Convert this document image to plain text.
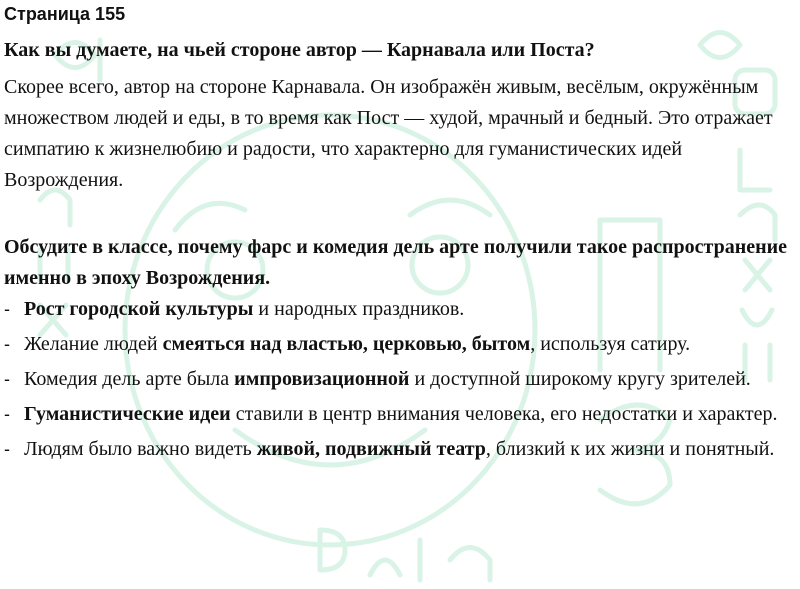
Страница 155
Как вы думаете, на чьей стороне автор — Карнавала или Поста?

Скорее всего, автор на стороне Карнавала. Он изображён живым, весёлым, окружённым множеством людей и еды, в то время как Пост — худой, мрачный и бедный. Это отражает симпатию к жизнелюбию и радости, что характерно для гуманистических идей Возрождения.

Обсудите в классе, почему фарс и комедия дель арте получили такое распространение именно в эпоху Возрождения.
- Рост городской культуры и народных праздников.
- Желание людей смеяться над властью, церковью, бытом, используя сатиру.
- Комедия дель арте была импровизационной и доступной широкому кругу зрителей.
- Гуманистические идеи ставили в центр внимания человека, его недостатки и характер.
- Людям было важно видеть живой, подвижный театр, близкий к их жизни и понятный.
